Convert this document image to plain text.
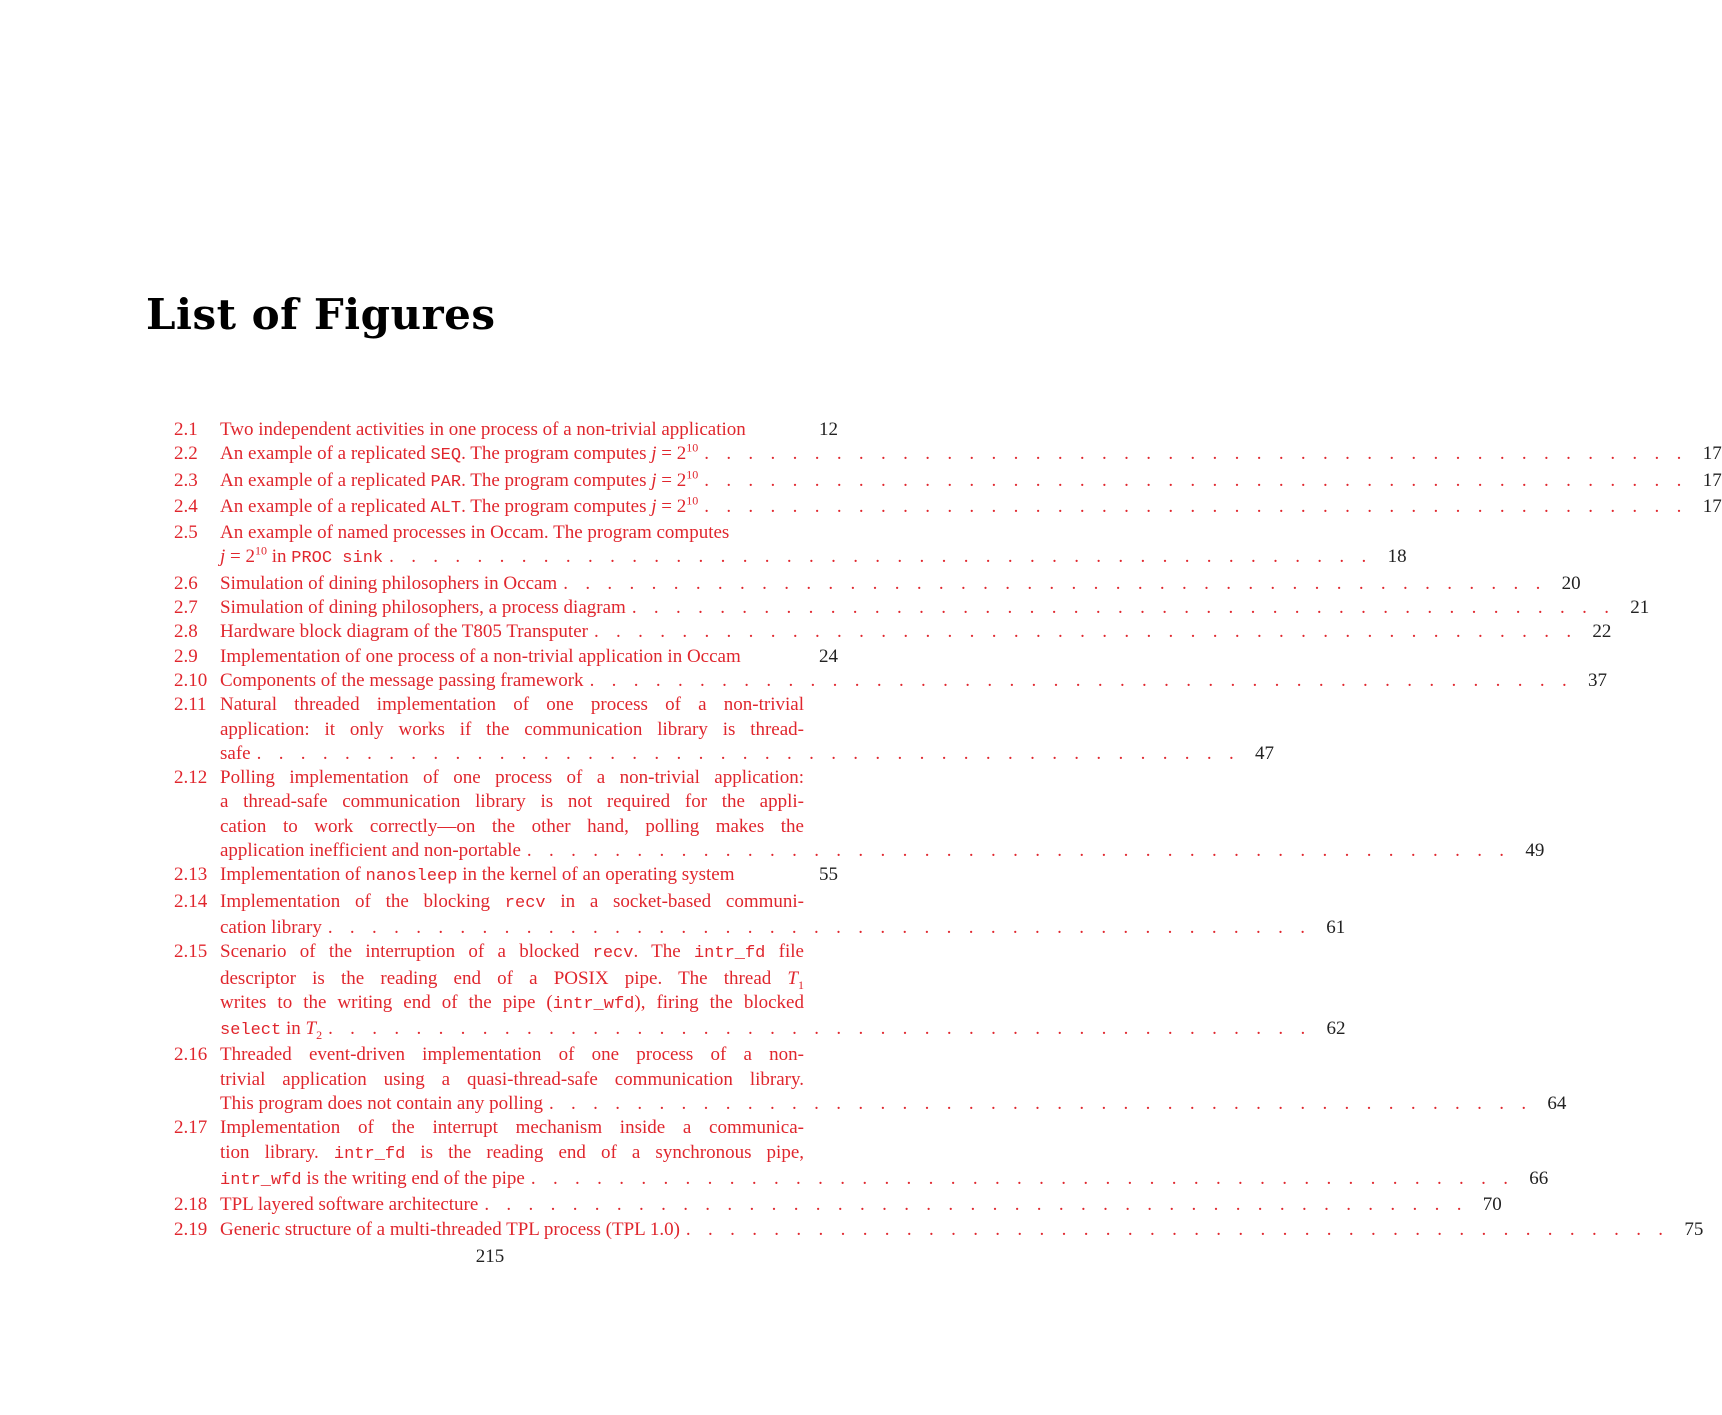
List of Figures
2.1	Two independent activities in one process of a non-trivial application	12
2.2	An example of a replicated SEQ. The program computes $j = 2^{10}$ . . . . . . . . . . . . . . . . . . . . . . . . . . . . . . . . . . . . . . . . . . . . . 17
2.3	An example of a replicated PAR. The program computes $j = 2^{10}$ . . . . . . . . . . . . . . . . . . . . . . . . . . . . . . . . . . . . . . . . . . . . . 17
2.4	An example of a replicated ALT. The program computes $j = 2^{10}$ . . . . . . . . . . . . . . . . . . . . . . . . . . . . . . . . . . . . . . . . . . . . . 17
2.5	An example of named processes in Occam. The program computes
$j = 2^{10}$ in PROC sink . . . . . . . . . . . . . . . . . . . . . . . . . . . . . . . . . . . . . . . . . . . . . 18
2.6	Simulation of dining philosophers in Occam . . . . . . . . . . . . . . . . . . . . . . . . . . . . . . . . . . . . . . . . . . . . . 20
2.7	Simulation of dining philosophers, a process diagram . . . . . . . . . . . . . . . . . . . . . . . . . . . . . . . . . . . . . . . . . . . . . 21
2.8	Hardware block diagram of the T805 Transputer . . . . . . . . . . . . . . . . . . . . . . . . . . . . . . . . . . . . . . . . . . . . . 22
2.9	Implementation of one process of a non-trivial application in Occam	24
2.10 Components of the message passing framework . . . . . . . . . . . . . . . . . . . . . . . . . . . . . . . . . . . . . . . . . . . . . 37
2.11 Natural threaded implementation of one process of a non-trivial
application: it only works if the communication library is thread-
safe . . . . . . . . . . . . . . . . . . . . . . . . . . . . . . . . . . . . . . . . . . . . . 47
2.12 Polling implementation of one process of a non-trivial application:
a thread-safe communication library is not required for the appli-
cation to work correctly—on the other hand, polling makes the
application inefficient and non-portable . . . . . . . . . . . . . . . . . . . . . . . . . . . . . . . . . . . . . . . . . . . . . 49
2.13 Implementation of nanosleep in the kernel of an operating system	55
2.14 Implementation of the blocking recv in a socket-based communi-
cation library . . . . . . . . . . . . . . . . . . . . . . . . . . . . . . . . . . . . . . . . . . . . . 61
2.15 Scenario of the interruption of a blocked recv. The intr_fd file
descriptor is the reading end of a POSIX pipe. The thread $T_1$
writes to the writing end of the pipe (intr_wfd), firing the blocked
select in $T_2$ . . . . . . . . . . . . . . . . . . . . . . . . . . . . . . . . . . . . . . . . . . . . . 62
2.16 Threaded event-driven implementation of one process of a non-
trivial application using a quasi-thread-safe communication library.
This program does not contain any polling . . . . . . . . . . . . . . . . . . . . . . . . . . . . . . . . . . . . . . . . . . . . . 64
2.17 Implementation of the interrupt mechanism inside a communica-
tion library. intr_fd is the reading end of a synchronous pipe,
intr_wfd is the writing end of the pipe . . . . . . . . . . . . . . . . . . . . . . . . . . . . . . . . . . . . . . . . . . . . . 66
2.18 TPL layered software architecture . . . . . . . . . . . . . . . . . . . . . . . . . . . . . . . . . . . . . . . . . . . . . 70
2.19 Generic structure of a multi-threaded TPL process (TPL 1.0) . . . . . . . . . . . . . . . . . . . . . . . . . . . . . . . . . . . . . . . . . . . . . 75
215
